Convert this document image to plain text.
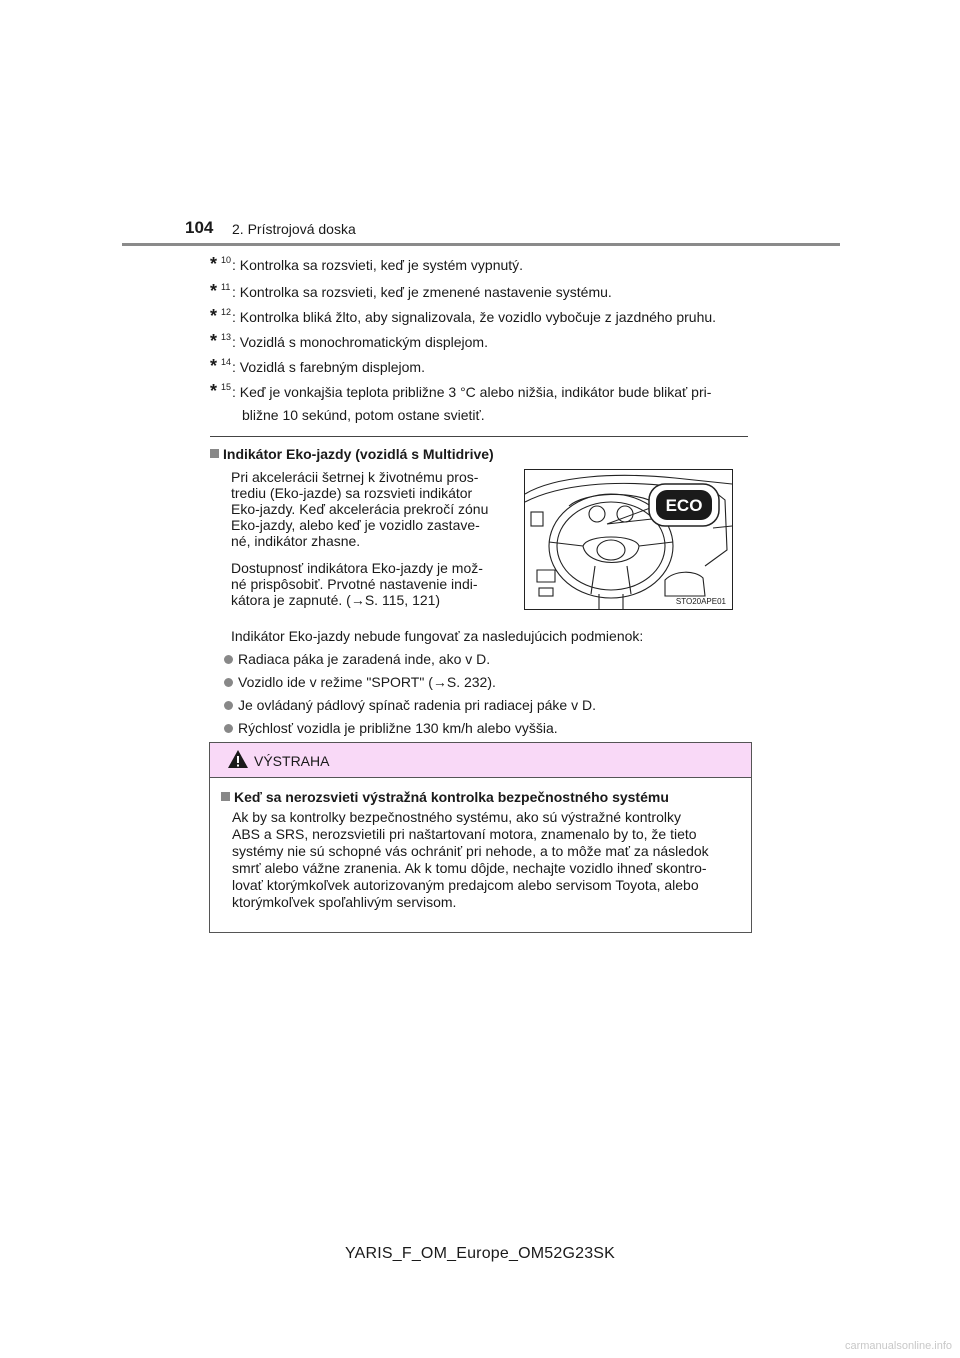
104 2. Prístrojová doska
* 10 : Kontrolka sa rozsvieti, keď je systém vypnutý.
* 11 : Kontrolka sa rozsvieti, keď je zmenené nastavenie systému.
* 12 : Kontrolka bliká žlto, aby signalizovala, že vozidlo vybočuje z jazdného pruhu.
* 13 : Vozidlá s monochromatickým displejom.
* 14 : Vozidlá s farebným displejom.
* 15 : Keď je vonkajšia teplota približne 3 °C alebo nižšia, indikátor bude blikať pri-
bližne 10 sekúnd, potom ostane svietiť.
Indikátor Eko-jazdy (vozidlá s Multidrive)
Pri akcelerácii šetrnej k životnému pros-
trediu (Eko-jazde) sa rozsvieti indikátor
Eko-jazdy. Keď akcelerácia prekročí zónu
Eko-jazdy, alebo keď je vozidlo zastave-
né, indikátor zhasne.
Dostupnosť indikátora Eko-jazdy je mož-
né prispôsobiť. Prvotné nastavenie indi-
kátora je zapnuté. (→S. 115, 121)
ECO
STO20APE01
Indikátor Eko-jazdy nebude fungovať za nasledujúcich podmienok:
Radiaca páka je zaradená inde, ako v D.
Vozidlo ide v režime "SPORT" (→S. 232).
Je ovládaný pádlový spínač radenia pri radiacej páke v D.
Rýchlosť vozidla je približne 130 km/h alebo vyššia.
VÝSTRAHA
Keď sa nerozsvieti výstražná kontrolka bezpečnostného systému
Ak by sa kontrolky bezpečnostného systému, ako sú výstražné kontrolky
ABS a SRS, nerozsvietili pri naštartovaní motora, znamenalo by to, že tieto
systémy nie sú schopné vás ochrániť pri nehode, a to môže mať za následok
smrť alebo vážne zranenia. Ak k tomu dôjde, nechajte vozidlo ihneď skontro-
lovať ktorýmkoľvek autorizovaným predajcom alebo servisom Toyota, alebo
ktorýmkoľvek spoľahlivým servisom.
YARIS_F_OM_Europe_OM52G23SK
carmanualsonline.info
